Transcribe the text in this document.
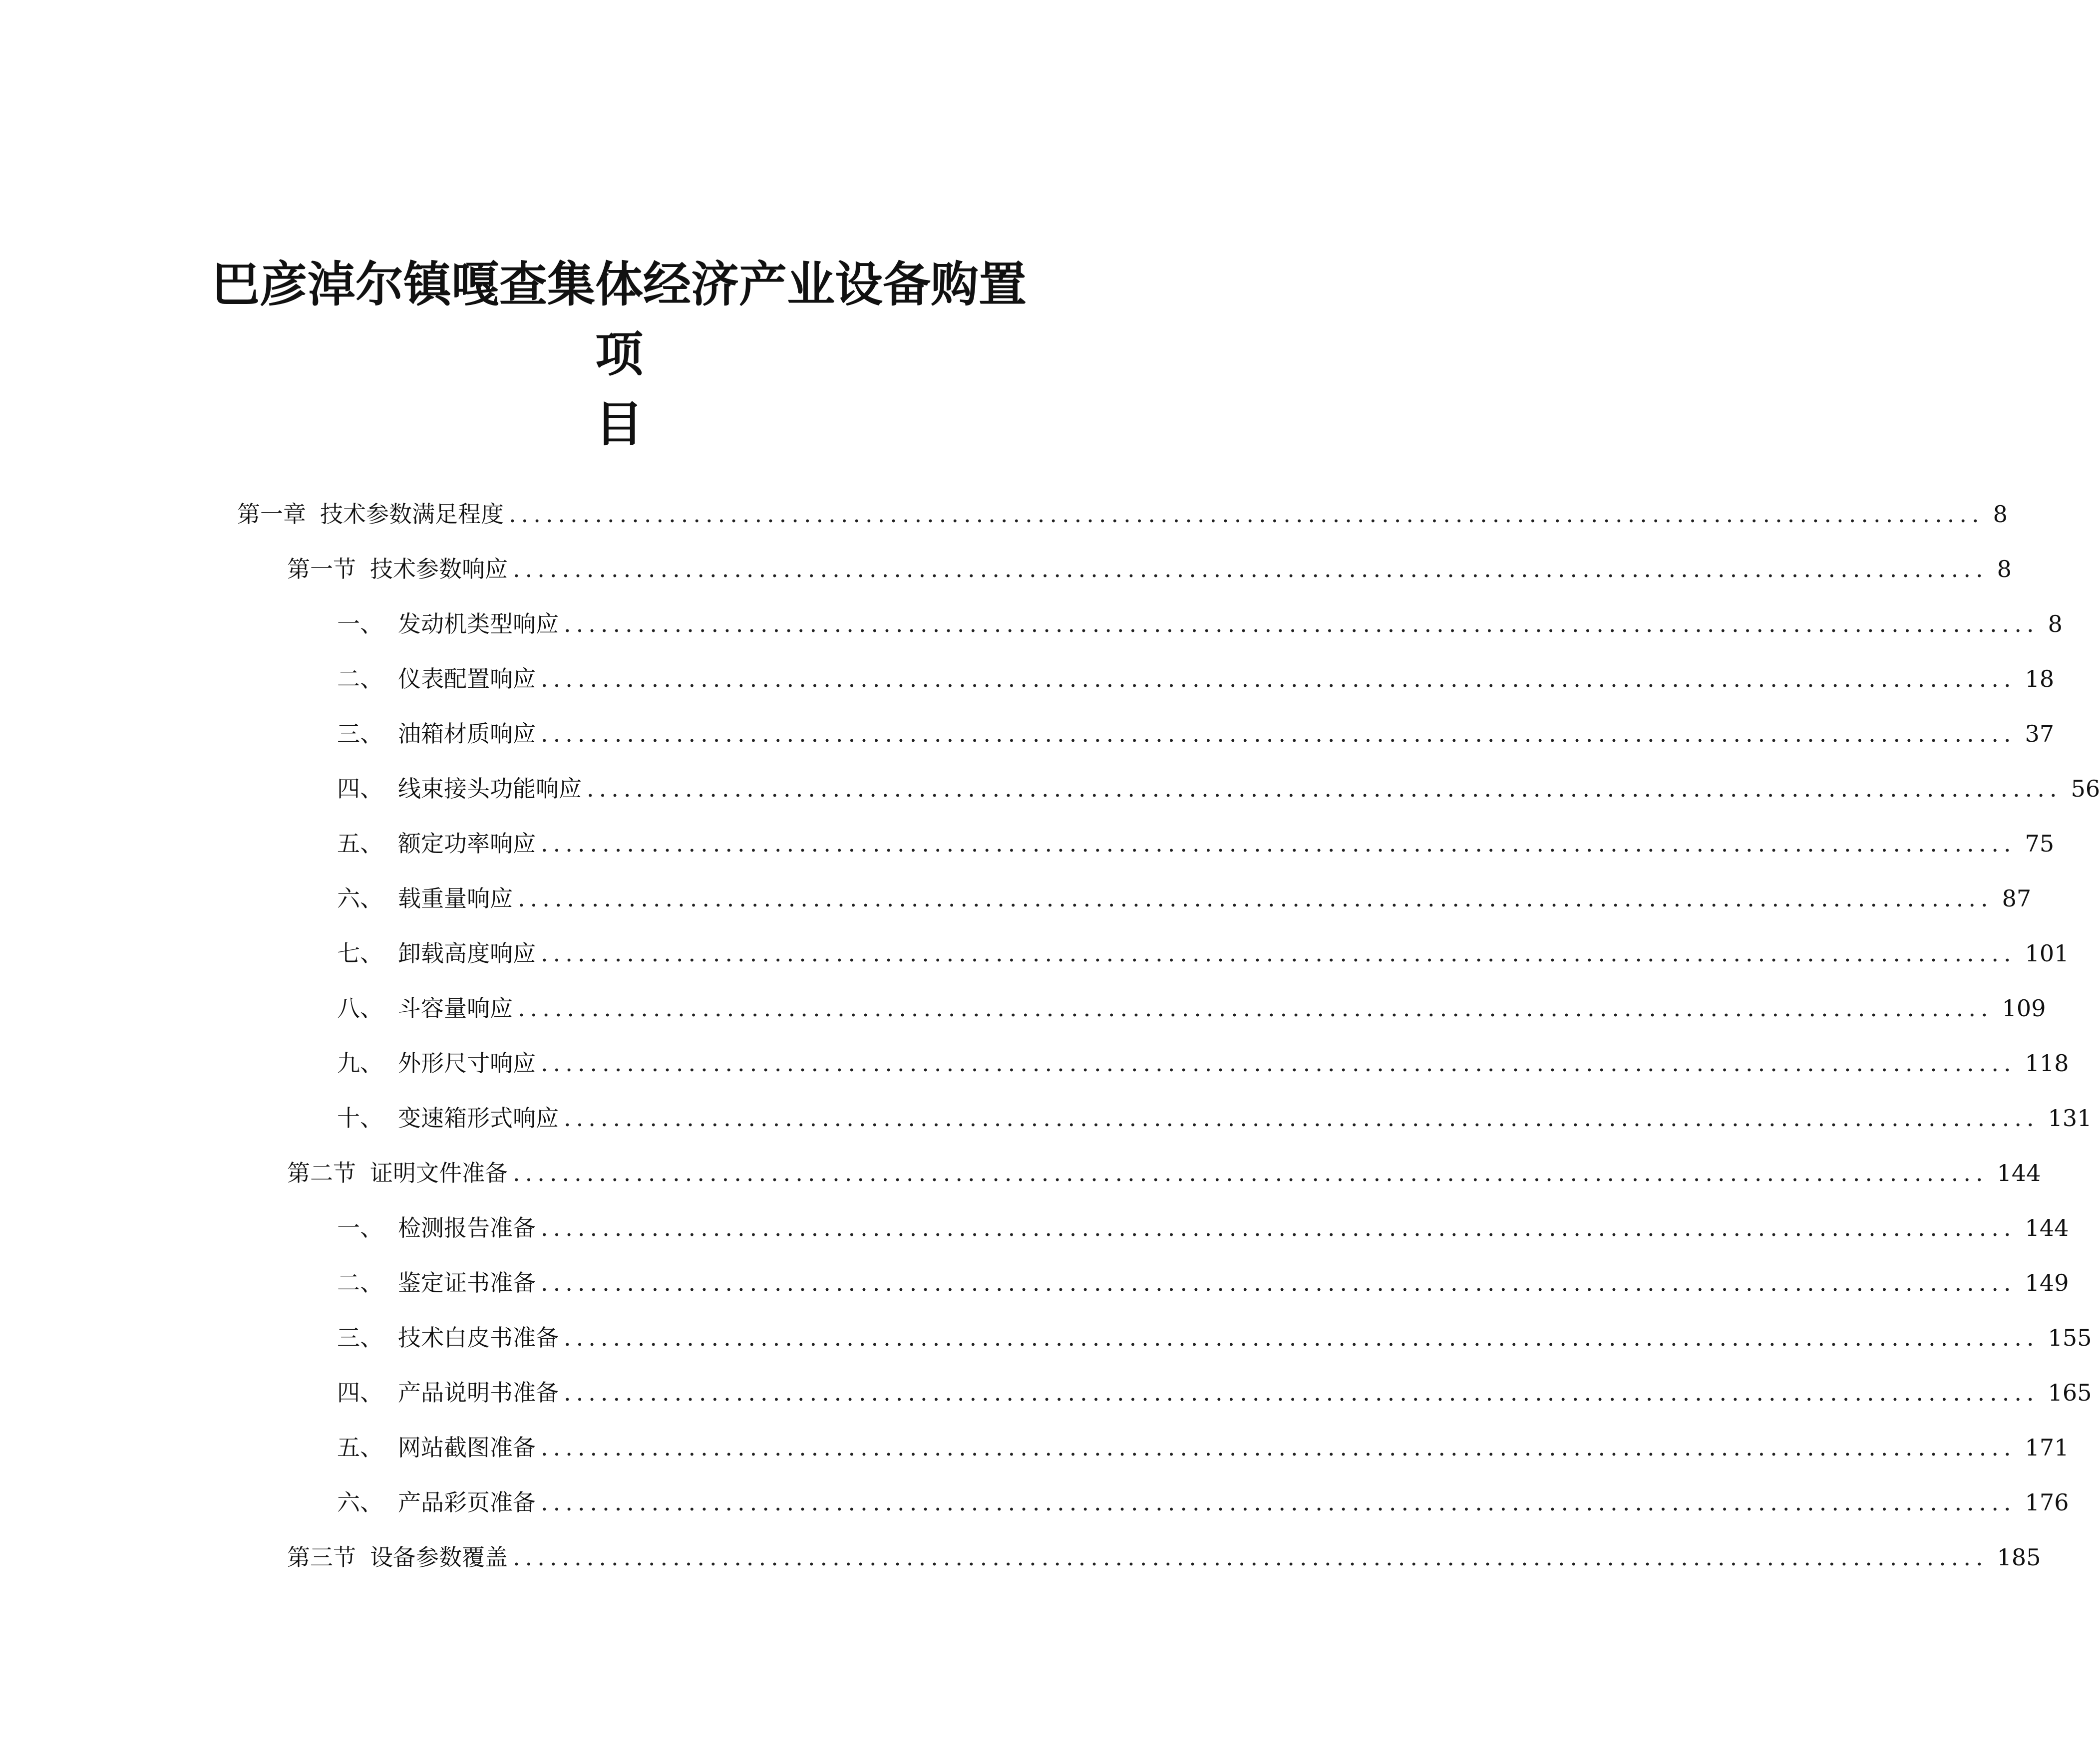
巴彦淖尔镇嘎查集体经济产业设备购置项
目
第一章 技术参数满足程度 ........................................................................................................................ 8
第一节 技术参数响应 ........................................................................................................................ 8
一、 发动机类型响应 ........................................................................................................................ 8
二、 仪表配置响应 ........................................................................................................................ 18
三、 油箱材质响应 ........................................................................................................................ 37
四、 线束接头功能响应 ........................................................................................................................ 56
五、 额定功率响应 ........................................................................................................................ 75
六、 载重量响应 ........................................................................................................................ 87
七、 卸载高度响应 ........................................................................................................................ 101
八、 斗容量响应 ........................................................................................................................ 109
九、 外形尺寸响应 ........................................................................................................................ 118
十、 变速箱形式响应 ........................................................................................................................ 131
第二节 证明文件准备 ........................................................................................................................ 144
一、 检测报告准备 ........................................................................................................................ 144
二、 鉴定证书准备 ........................................................................................................................ 149
三、 技术白皮书准备 ........................................................................................................................ 155
四、 产品说明书准备 ........................................................................................................................ 165
五、 网站截图准备 ........................................................................................................................ 171
六、 产品彩页准备 ........................................................................................................................ 176
第三节 设备参数覆盖 ........................................................................................................................ 185
